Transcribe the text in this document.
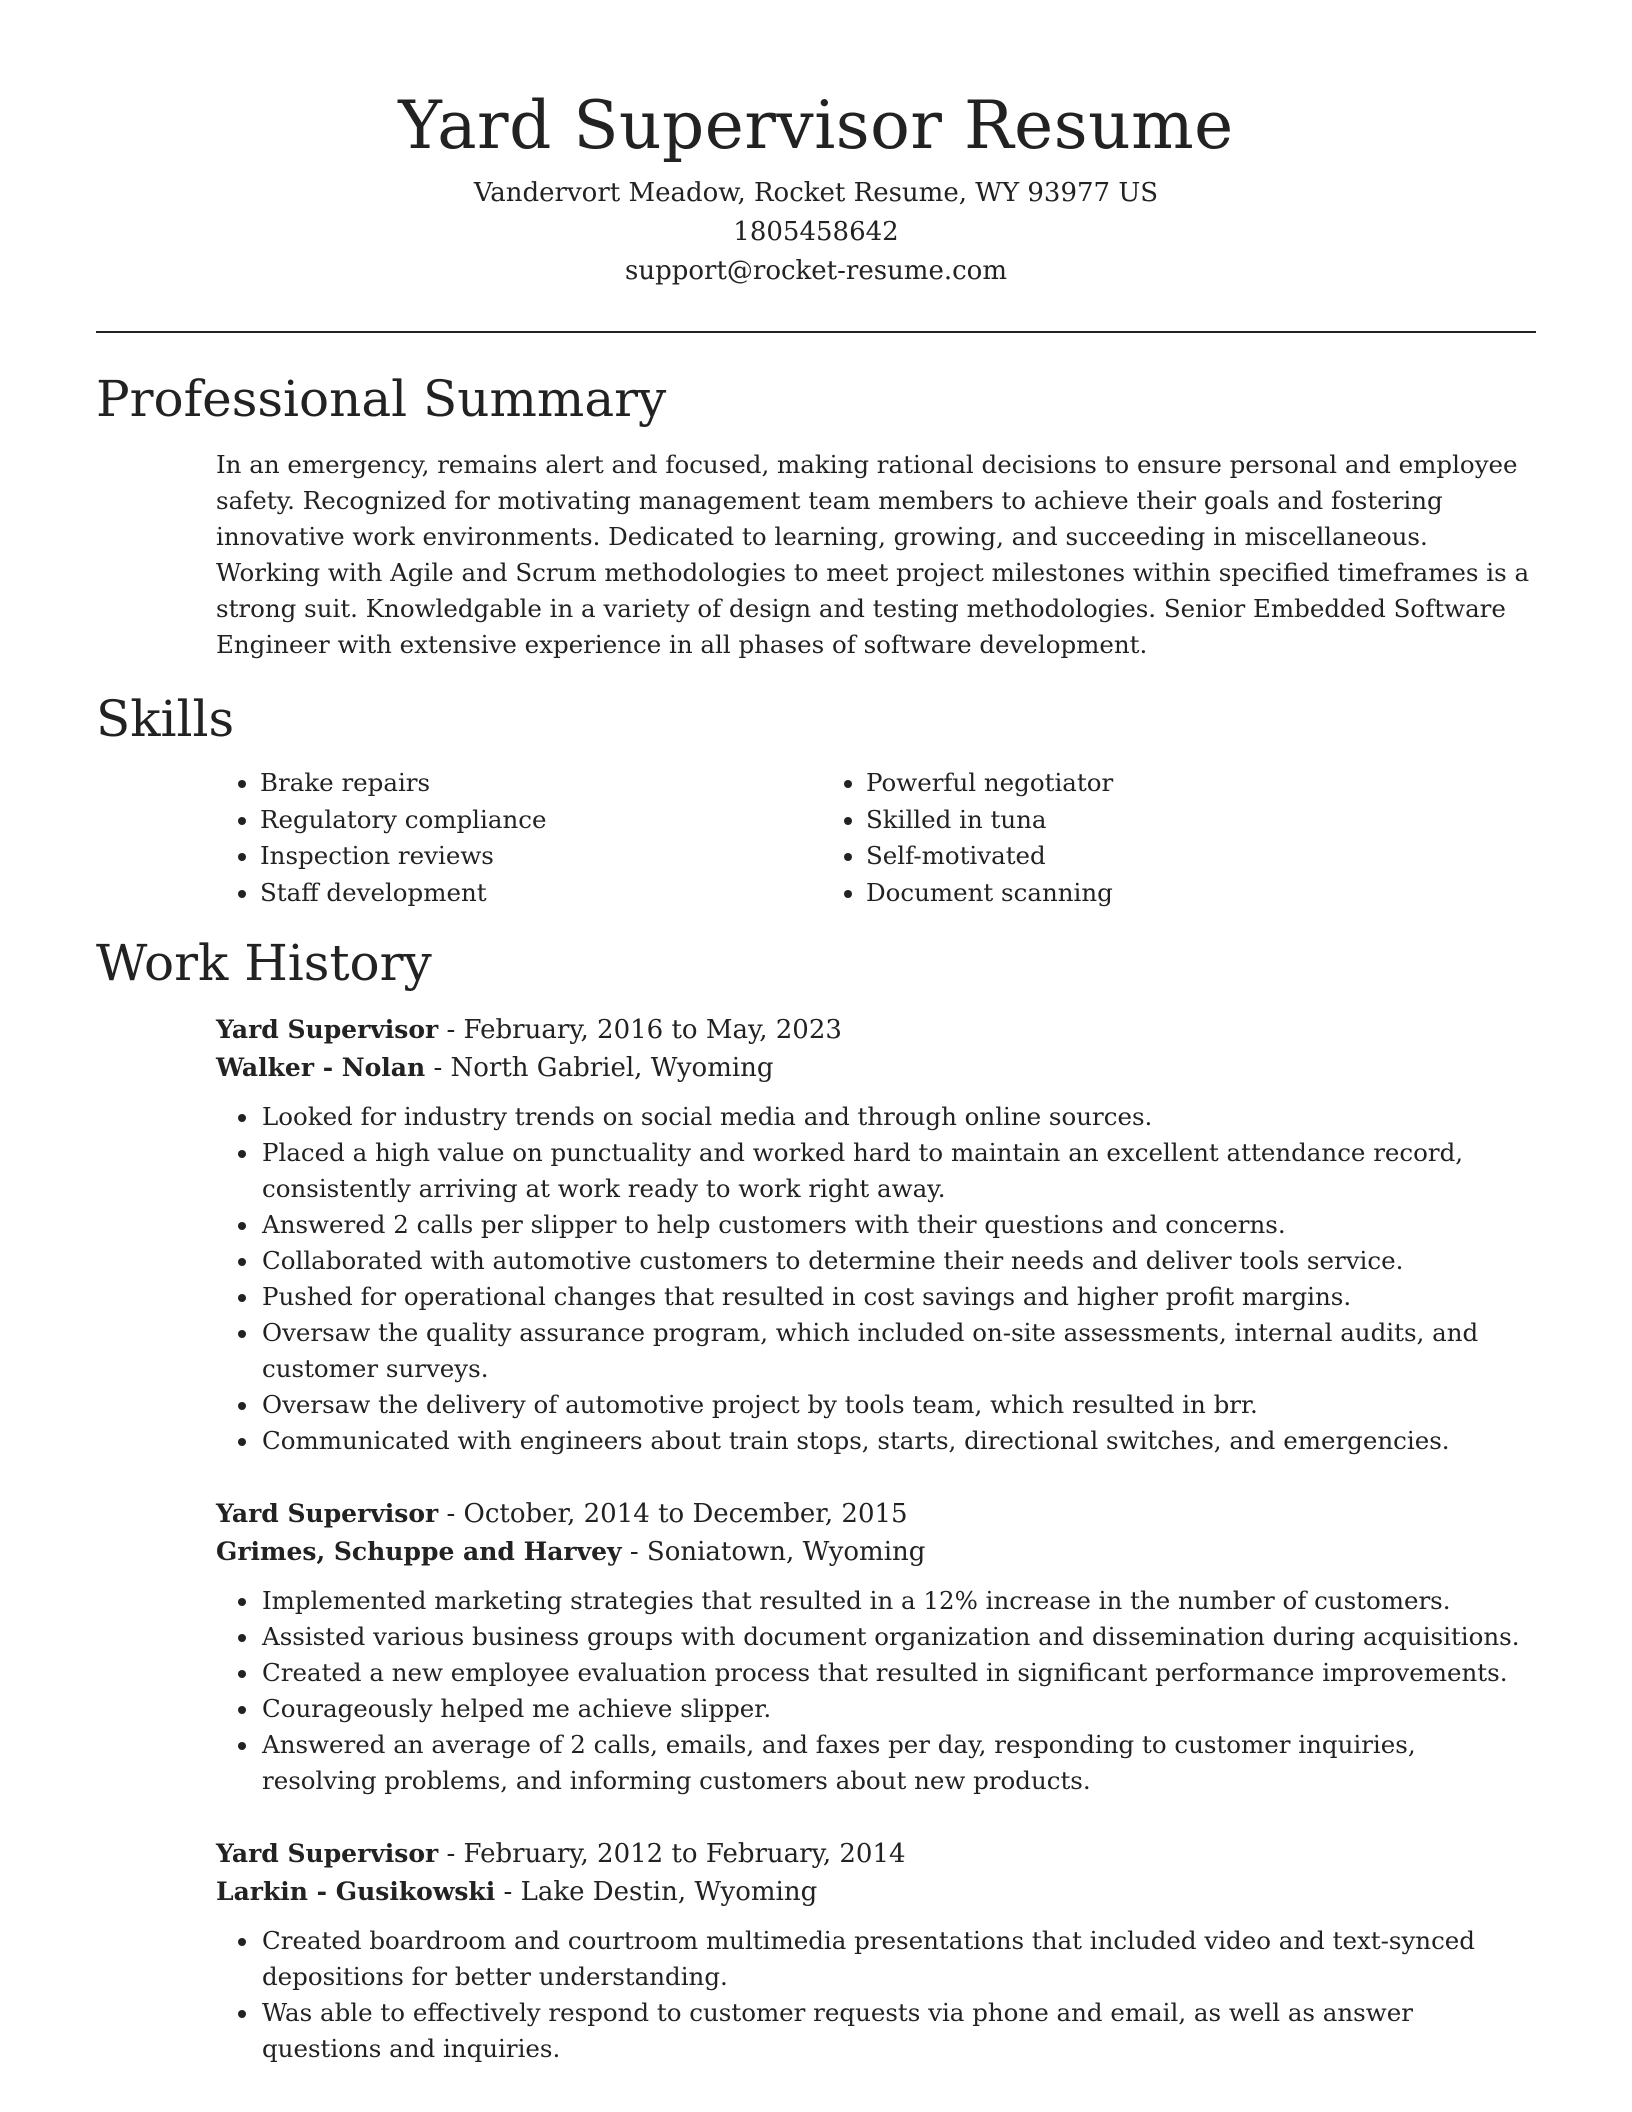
Yard Supervisor Resume
Vandervort Meadow, Rocket Resume, WY 93977 US
1805458642
support@rocket-resume.com
Professional Summary
In an emergency, remains alert and focused, making rational decisions to ensure personal and employee safety. Recognized for motivating management team members to achieve their goals and fostering innovative work environments. Dedicated to learning, growing, and succeeding in miscellaneous. Working with Agile and Scrum methodologies to meet project milestones within specified timeframes is a strong suit. Knowledgable in a variety of design and testing methodologies. Senior Embedded Software Engineer with extensive experience in all phases of software development.
Skills
• Brake repairs
• Regulatory compliance
• Inspection reviews
• Staff development
• Powerful negotiator
• Skilled in tuna
• Self-motivated
• Document scanning
Work History
Yard Supervisor - February, 2016 to May, 2023
Walker - Nolan - North Gabriel, Wyoming
• Looked for industry trends on social media and through online sources.
• Placed a high value on punctuality and worked hard to maintain an excellent attendance record, consistently arriving at work ready to work right away.
• Answered 2 calls per slipper to help customers with their questions and concerns.
• Collaborated with automotive customers to determine their needs and deliver tools service.
• Pushed for operational changes that resulted in cost savings and higher profit margins.
• Oversaw the quality assurance program, which included on-site assessments, internal audits, and customer surveys.
• Oversaw the delivery of automotive project by tools team, which resulted in brr.
• Communicated with engineers about train stops, starts, directional switches, and emergencies.
Yard Supervisor - October, 2014 to December, 2015
Grimes, Schuppe and Harvey - Soniatown, Wyoming
• Implemented marketing strategies that resulted in a 12% increase in the number of customers.
• Assisted various business groups with document organization and dissemination during acquisitions.
• Created a new employee evaluation process that resulted in significant performance improvements.
• Courageously helped me achieve slipper.
• Answered an average of 2 calls, emails, and faxes per day, responding to customer inquiries, resolving problems, and informing customers about new products.
Yard Supervisor - February, 2012 to February, 2014
Larkin - Gusikowski - Lake Destin, Wyoming
• Created boardroom and courtroom multimedia presentations that included video and text-synced depositions for better understanding.
• Was able to effectively respond to customer requests via phone and email, as well as answer questions and inquiries.
